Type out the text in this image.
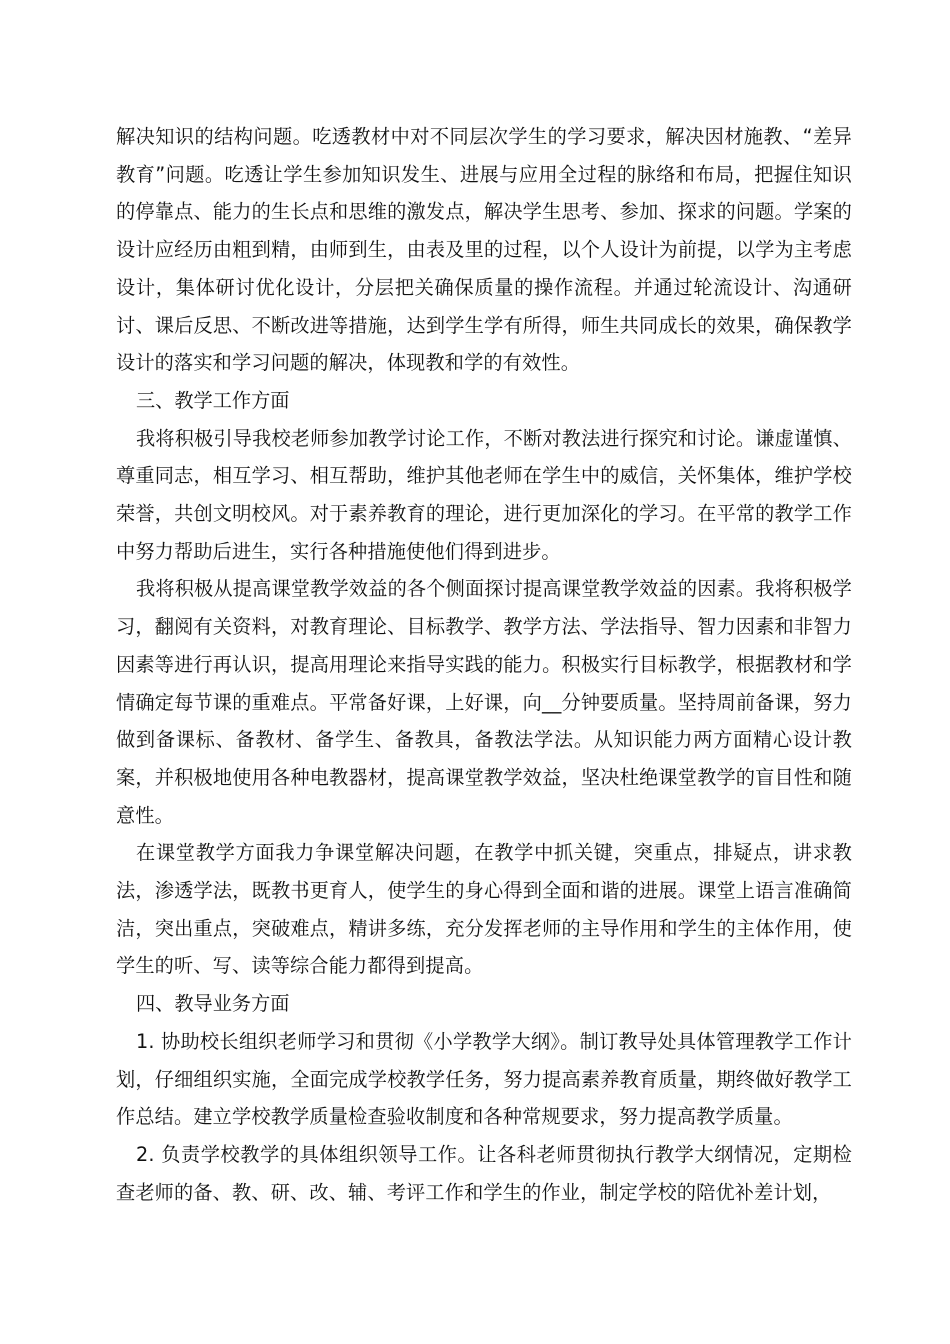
解决知识的结构问题。吃透教材中对不同层次学生的学习要求，解决因材施教、“差异教育”问题。吃透让学生参加知识发生、进展与应用全过程的脉络和布局，把握住知识的停靠点、能力的生长点和思维的激发点，解决学生思考、参加、探求的问题。学案的设计应经历由粗到精，由师到生，由表及里的过程，以个人设计为前提，以学为主考虑设计，集体研讨优化设计，分层把关确保质量的操作流程。并通过轮流设计、沟通研讨、课后反思、不断改进等措施，达到学生学有所得，师生共同成长的效果，确保教学设计的落实和学习问题的解决，体现教和学的有效性。

三、教学工作方面

我将积极引导我校老师参加教学讨论工作，不断对教法进行探究和讨论。谦虚谨慎、尊重同志，相互学习、相互帮助，维护其他老师在学生中的威信，关怀集体，维护学校荣誉，共创文明校风。对于素养教育的理论，进行更加深化的学习。在平常的教学工作中努力帮助后进生，实行各种措施使他们得到进步。

我将积极从提高课堂教学效益的各个侧面探讨提高课堂教学效益的因素。我将积极学习，翻阅有关资料，对教育理论、目标教学、教学方法、学法指导、智力因素和非智力因素等进行再认识，提高用理论来指导实践的能力。积极实行目标教学，根据教材和学情确定每节课的重难点。平常备好课，上好课，向__分钟要质量。坚持周前备课，努力做到备课标、备教材、备学生、备教具，备教法学法。从知识能力两方面精心设计教案，并积极地使用各种电教器材，提高课堂教学效益，坚决杜绝课堂教学的盲目性和随意性。

在课堂教学方面我力争课堂解决问题，在教学中抓关键，突重点，排疑点，讲求教法，渗透学法，既教书更育人，使学生的身心得到全面和谐的进展。课堂上语言准确简洁，突出重点，突破难点，精讲多练，充分发挥老师的主导作用和学生的主体作用，使学生的听、写、读等综合能力都得到提高。

四、教导业务方面

1. 协助校长组织老师学习和贯彻《小学教学大纲》。制订教导处具体管理教学工作计划，仔细组织实施，全面完成学校教学任务，努力提高素养教育质量，期终做好教学工作总结。建立学校教学质量检查验收制度和各种常规要求，努力提高教学质量。

2. 负责学校教学的具体组织领导工作。让各科老师贯彻执行教学大纲情况，定期检查老师的备、教、研、改、辅、考评工作和学生的作业，制定学校的陪优补差计划，
